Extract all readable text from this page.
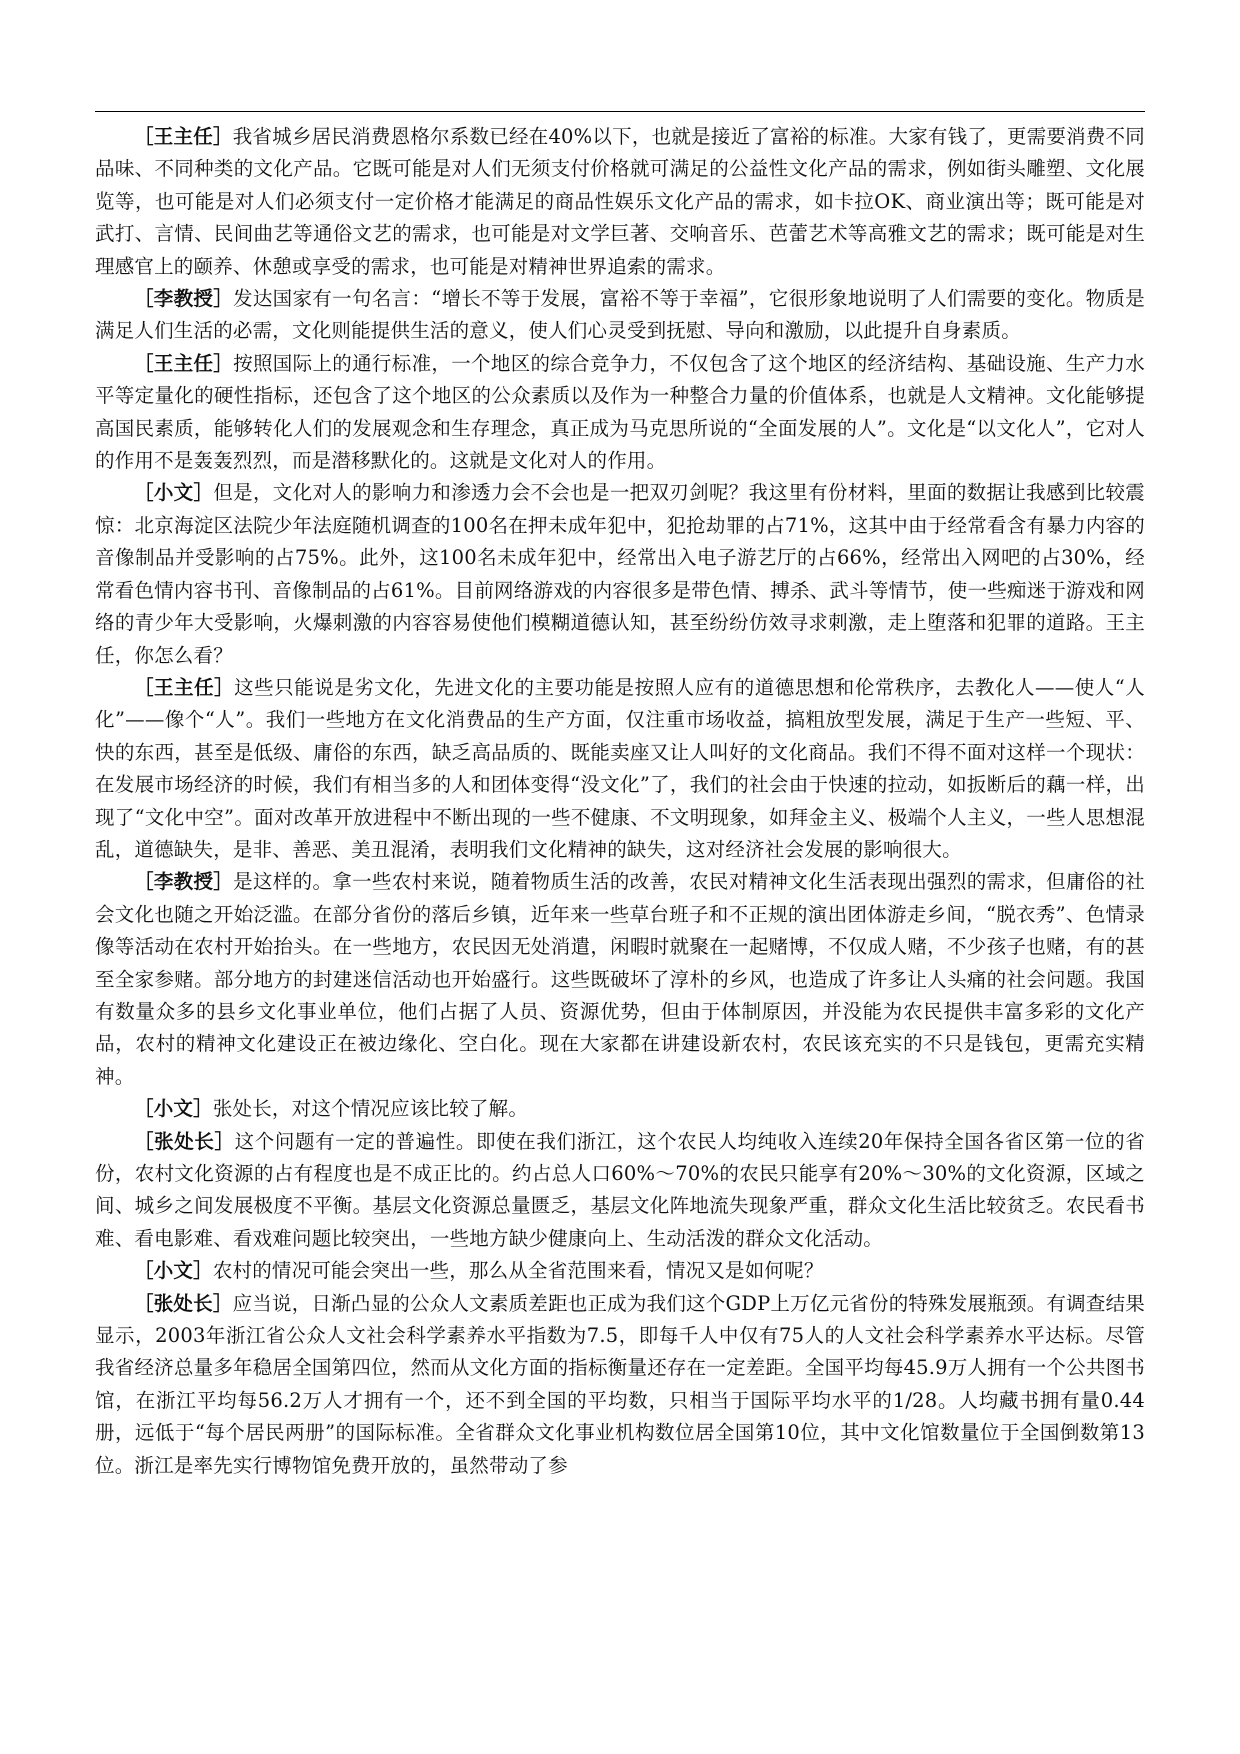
［王主任］我省城乡居民消费恩格尔系数已经在40%以下，也就是接近了富裕的标准。大家有钱了，更需要消费不同品味、不同种类的文化产品。它既可能是对人们无须支付价格就可满足的公益性文化产品的需求，例如街头雕塑、文化展览等，也可能是对人们必须支付一定价格才能满足的商品性娱乐文化产品的需求，如卡拉OK、商业演出等；既可能是对武打、言情、民间曲艺等通俗文艺的需求，也可能是对文学巨著、交响音乐、芭蕾艺术等高雅文艺的需求；既可能是对生理感官上的颐养、休憩或享受的需求，也可能是对精神世界追索的需求。

［李教授］发达国家有一句名言：“增长不等于发展，富裕不等于幸福”，它很形象地说明了人们需要的变化。物质是满足人们生活的必需，文化则能提供生活的意义，使人们心灵受到抚慰、导向和激励，以此提升自身素质。

［王主任］按照国际上的通行标准，一个地区的综合竞争力，不仅包含了这个地区的经济结构、基础设施、生产力水平等定量化的硬性指标，还包含了这个地区的公众素质以及作为一种整合力量的价值体系，也就是人文精神。文化能够提高国民素质，能够转化人们的发展观念和生存理念，真正成为马克思所说的“全面发展的人”。文化是“以文化人”，它对人的作用不是轰轰烈烈，而是潜移默化的。这就是文化对人的作用。

［小文］但是，文化对人的影响力和渗透力会不会也是一把双刃剑呢？我这里有份材料，里面的数据让我感到比较震惊：北京海淀区法院少年法庭随机调查的100名在押未成年犯中，犯抢劫罪的占71%，这其中由于经常看含有暴力内容的音像制品并受影响的占75%。此外，这100名未成年犯中，经常出入电子游艺厅的占66%，经常出入网吧的占30%，经常看色情内容书刊、音像制品的占61%。目前网络游戏的内容很多是带色情、搏杀、武斗等情节，使一些痴迷于游戏和网络的青少年大受影响，火爆刺激的内容容易使他们模糊道德认知，甚至纷纷仿效寻求刺激，走上堕落和犯罪的道路。王主任，你怎么看？

［王主任］这些只能说是劣文化，先进文化的主要功能是按照人应有的道德思想和伦常秩序，去教化人——使人“人化”——像个“人”。我们一些地方在文化消费品的生产方面，仅注重市场收益，搞粗放型发展，满足于生产一些短、平、快的东西，甚至是低级、庸俗的东西，缺乏高品质的、既能卖座又让人叫好的文化商品。我们不得不面对这样一个现状：在发展市场经济的时候，我们有相当多的人和团体变得“没文化”了，我们的社会由于快速的拉动，如扳断后的藕一样，出现了“文化中空”。面对改革开放进程中不断出现的一些不健康、不文明现象，如拜金主义、极端个人主义，一些人思想混乱，道德缺失，是非、善恶、美丑混淆，表明我们文化精神的缺失，这对经济社会发展的影响很大。

［李教授］是这样的。拿一些农村来说，随着物质生活的改善，农民对精神文化生活表现出强烈的需求，但庸俗的社会文化也随之开始泛滥。在部分省份的落后乡镇，近年来一些草台班子和不正规的演出团体游走乡间，“脱衣秀”、色情录像等活动在农村开始抬头。在一些地方，农民因无处消遣，闲暇时就聚在一起赌博，不仅成人赌，不少孩子也赌，有的甚至全家参赌。部分地方的封建迷信活动也开始盛行。这些既破坏了淳朴的乡风，也造成了许多让人头痛的社会问题。我国有数量众多的县乡文化事业单位，他们占据了人员、资源优势，但由于体制原因，并没能为农民提供丰富多彩的文化产品，农村的精神文化建设正在被边缘化、空白化。现在大家都在讲建设新农村，农民该充实的不只是钱包，更需充实精神。

［小文］张处长，对这个情况应该比较了解。

［张处长］这个问题有一定的普遍性。即使在我们浙江，这个农民人均纯收入连续20年保持全国各省区第一位的省份，农村文化资源的占有程度也是不成正比的。约占总人口60%～70%的农民只能享有20%～30%的文化资源，区域之间、城乡之间发展极度不平衡。基层文化资源总量匮乏，基层文化阵地流失现象严重，群众文化生活比较贫乏。农民看书难、看电影难、看戏难问题比较突出，一些地方缺少健康向上、生动活泼的群众文化活动。

［小文］农村的情况可能会突出一些，那么从全省范围来看，情况又是如何呢？

［张处长］应当说，日渐凸显的公众人文素质差距也正成为我们这个GDP上万亿元省份的特殊发展瓶颈。有调查结果显示，2003年浙江省公众人文社会科学素养水平指数为7.5，即每千人中仅有75人的人文社会科学素养水平达标。尽管我省经济总量多年稳居全国第四位，然而从文化方面的指标衡量还存在一定差距。全国平均每45.9万人拥有一个公共图书馆，在浙江平均每56.2万人才拥有一个，还不到全国的平均数，只相当于国际平均水平的1/28。人均藏书拥有量0.44册，远低于“每个居民两册”的国际标准。全省群众文化事业机构数位居全国第10位，其中文化馆数量位于全国倒数第13位。浙江是率先实行博物馆免费开放的，虽然带动了参
